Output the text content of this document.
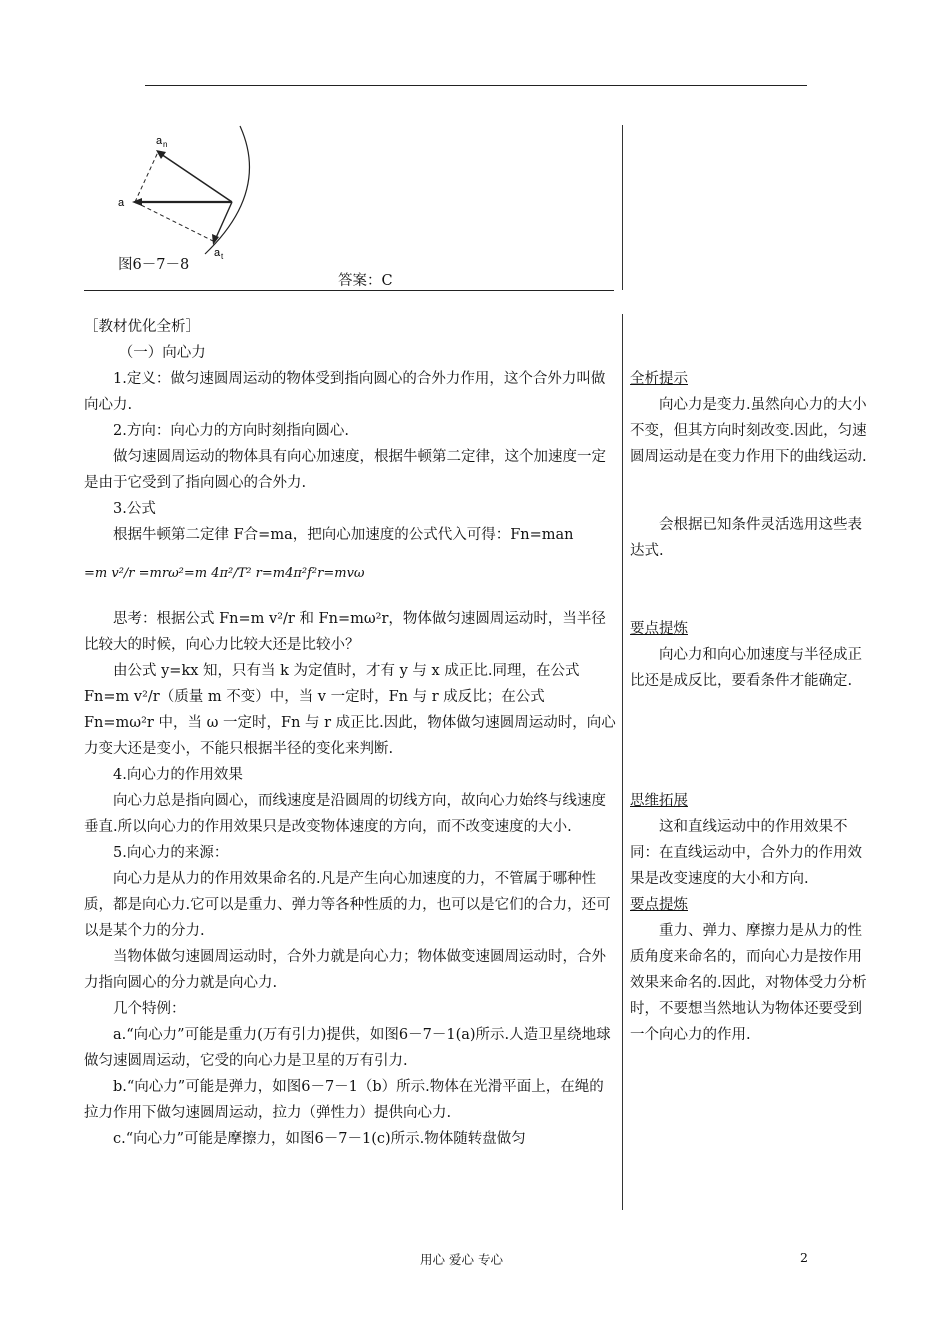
a n
a
a t
图6－7－8
答案：C

［教材优化全析］

（一）向心力

1.定义：做匀速圆周运动的物体受到指向圆心的合外力作用，这个合外力叫做向心力.

2.方向：向心力的方向时刻指向圆心.

做匀速圆周运动的物体具有向心加速度，根据牛顿第二定律，这个加速度一定是由于它受到了指向圆心的合外力.

3.公式

根据牛顿第二定律 F合=ma，把向心加速度的公式代入可得：Fn=man

=m v²/r =mrω²=m 4π²/T² r=m4π²f²r=mvω

思考：根据公式 Fn=m v²/r 和 Fn=mω²r，物体做匀速圆周运动时，当半径比较大的时候，向心力比较大还是比较小？

由公式 y=kx 知，只有当 k 为定值时，才有 y 与 x 成正比.同理，在公式 Fn=m v²/r（质量 m 不变）中，当 v 一定时，Fn 与 r 成反比；在公式 Fn=mω²r 中，当 ω 一定时，Fn 与 r 成正比.因此，物体做匀速圆周运动时，向心力变大还是变小，不能只根据半径的变化来判断.

4.向心力的作用效果

向心力总是指向圆心，而线速度是沿圆周的切线方向，故向心力始终与线速度垂直.所以向心力的作用效果只是改变物体速度的方向，而不改变速度的大小.

5.向心力的来源：

向心力是从力的作用效果命名的.凡是产生向心加速度的力，不管属于哪种性质，都是向心力.它可以是重力、弹力等各种性质的力，也可以是它们的合力，还可以是某个力的分力.

当物体做匀速圆周运动时，合外力就是向心力；物体做变速圆周运动时，合外力指向圆心的分力就是向心力.

几个特例：

a.“向心力”可能是重力(万有引力)提供，如图6－7－1(a)所示.人造卫星绕地球做匀速圆周运动，它受的向心力是卫星的万有引力.

b.“向心力”可能是弹力，如图6－7－1（b）所示.物体在光滑平面上，在绳的拉力作用下做匀速圆周运动，拉力（弹性力）提供向心力.

c.“向心力”可能是摩擦力，如图6－7－1(c)所示.物体随转盘做匀

全析提示

向心力是变力.虽然向心力的大小不变，但其方向时刻改变.因此，匀速圆周运动是在变力作用下的曲线运动.

会根据已知条件灵活选用这些表达式.

要点提炼

向心力和向心加速度与半径成正比还是成反比，要看条件才能确定.

思维拓展

这和直线运动中的作用效果不同：在直线运动中，合外力的作用效果是改变速度的大小和方向.

要点提炼

重力、弹力、摩擦力是从力的性质角度来命名的，而向心力是按作用效果来命名的.因此，对物体受力分析时，不要想当然地认为物体还要受到一个向心力的作用.

用心 爱心 专心	2
